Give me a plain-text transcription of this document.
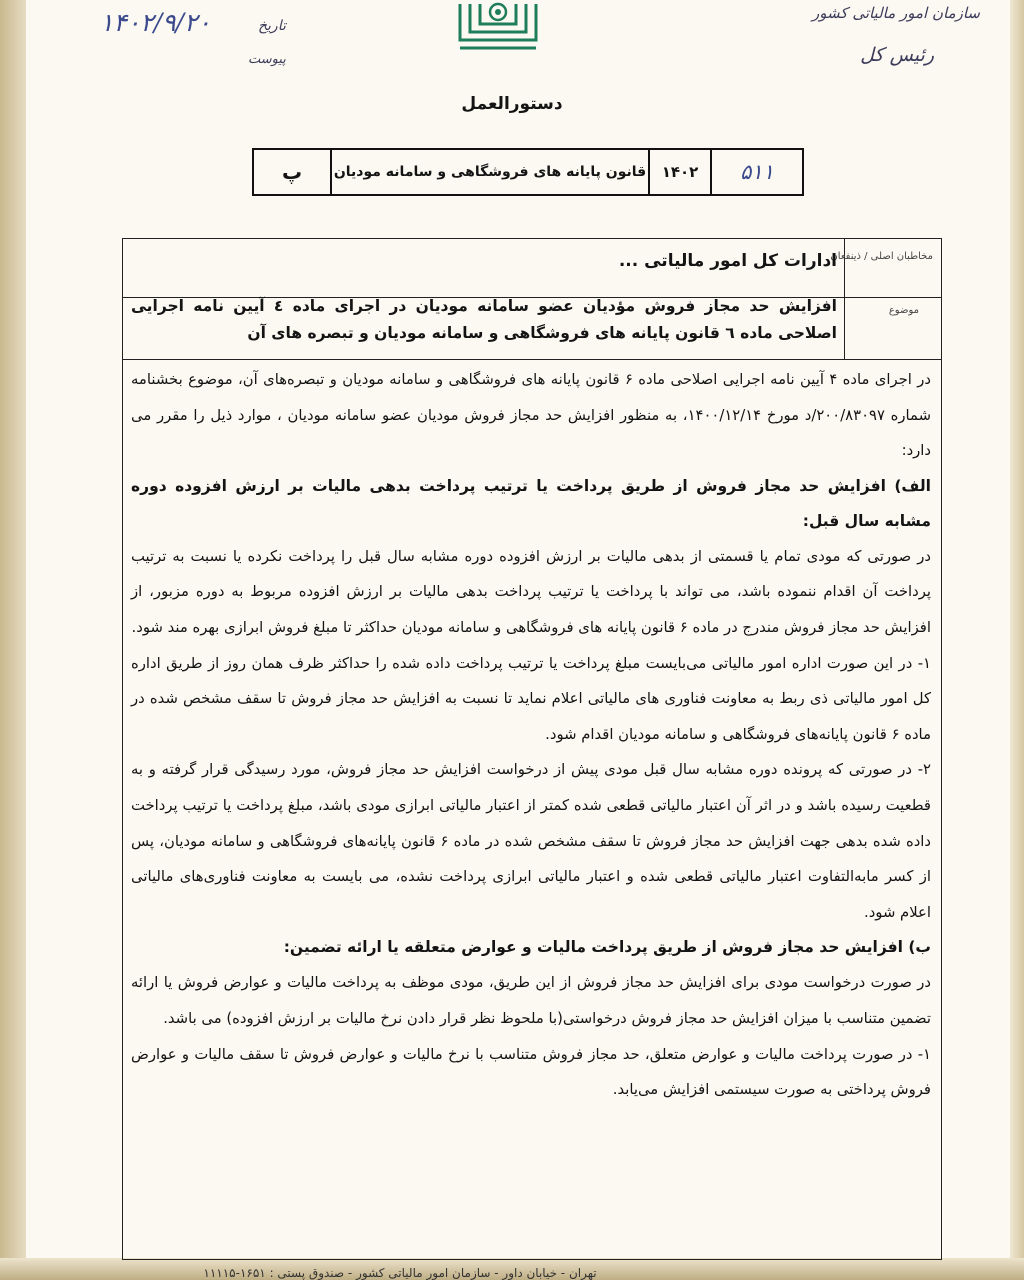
سازمان امور مالیاتی کشور
رئیس کل
تاریخ
پیوست
۱۴۰۲/۹/۲۰
دستورالعمل
۵۱۱
۱۴۰۲
قانون پایانه های فروشگاهی و سامانه مودیان
پ
مخاطبان اصلی / ذینفعان
موضوع
ادارات کل امور مالیاتی ...
افزایش حد مجاز فروش مؤدیان عضو سامانه مودیان در اجرای ماده ٤ آیین نامه اجرایی اصلاحی ماده ٦ قانون پایانه های فروشگاهی و سامانه مودیان و تبصره های آن

در اجرای ماده ۴ آیین نامه اجرایی اصلاحی ماده ۶ قانون پایانه های فروشگاهی و سامانه مودیان و تبصره‌های آن، موضوع بخشنامه شماره ۲۰۰/۸۳۰۹۷/د مورخ ۱۴۰۰/۱۲/۱۴، به منظور افزایش حد مجاز فروش مودیان عضو سامانه مودیان ، موارد ذیل را مقرر می دارد:

الف) افزایش حد مجاز فروش از طریق پرداخت یا ترتیب پرداخت بدهی مالیات بر ارزش افزوده دوره مشابه سال قبل:

در صورتی که مودی تمام یا قسمتی از بدهی مالیات بر ارزش افزوده دوره مشابه سال قبل را پرداخت نکرده یا نسبت به ترتیب پرداخت آن اقدام ننموده باشد، می تواند با پرداخت یا ترتیب پرداخت بدهی مالیات بر ارزش افزوده مربوط به دوره مزبور، از افزایش حد مجاز فروش مندرج در ماده ۶ قانون پایانه های فروشگاهی و سامانه مودیان حداکثر تا مبلغ فروش ابرازی بهره مند شود.

۱- در این صورت اداره امور مالیاتی می‌بایست مبلغ پرداخت یا ترتیب پرداخت داده شده را حداکثر ظرف همان روز از طریق اداره کل امور مالیاتی ذی ربط به معاونت فناوری های مالیاتی اعلام نماید تا نسبت به افزایش حد مجاز فروش تا سقف مشخص شده در ماده ۶ قانون پایانه‌های فروشگاهی و سامانه مودیان اقدام شود.

۲- در صورتی که پرونده دوره مشابه سال قبل مودی پیش از درخواست افزایش حد مجاز فروش، مورد رسیدگی قرار گرفته و به قطعیت رسیده باشد و در اثر آن اعتبار مالیاتی قطعی شده کمتر از اعتبار مالیاتی ابرازی مودی باشد، مبلغ پرداخت یا ترتیب پرداخت داده شده بدهی جهت افزایش حد مجاز فروش تا سقف مشخص شده در ماده ۶ قانون پایانه‌های فروشگاهی و سامانه مودیان، پس از کسر مابه‌التفاوت اعتبار مالیاتی قطعی شده و اعتبار مالیاتی ابرازی پرداخت نشده، می بایست به معاونت فناوری‌های مالیاتی اعلام شود.

ب) افزایش حد مجاز فروش از طریق پرداخت مالیات و عوارض متعلقه یا ارائه تضمین:

در صورت درخواست مودی برای افزایش حد مجاز فروش از این طریق، مودی موظف به پرداخت مالیات و عوارض فروش یا ارائه تضمین متناسب با میزان افزایش حد مجاز فروش درخواستی(با ملحوظ نظر قرار دادن نرخ مالیات بر ارزش افزوده) می باشد.

۱- در صورت پرداخت مالیات و عوارض متعلق، حد مجاز فروش متناسب با نرخ مالیات و عوارض فروش تا سقف مالیات و عوارض فروش پرداختی به صورت سیستمی افزایش می‌یابد.

تهران - خیابان داور - سازمان امور مالیاتی کشور - صندوق پستی : ۱۶۵۱-۱۱۱۱۵
